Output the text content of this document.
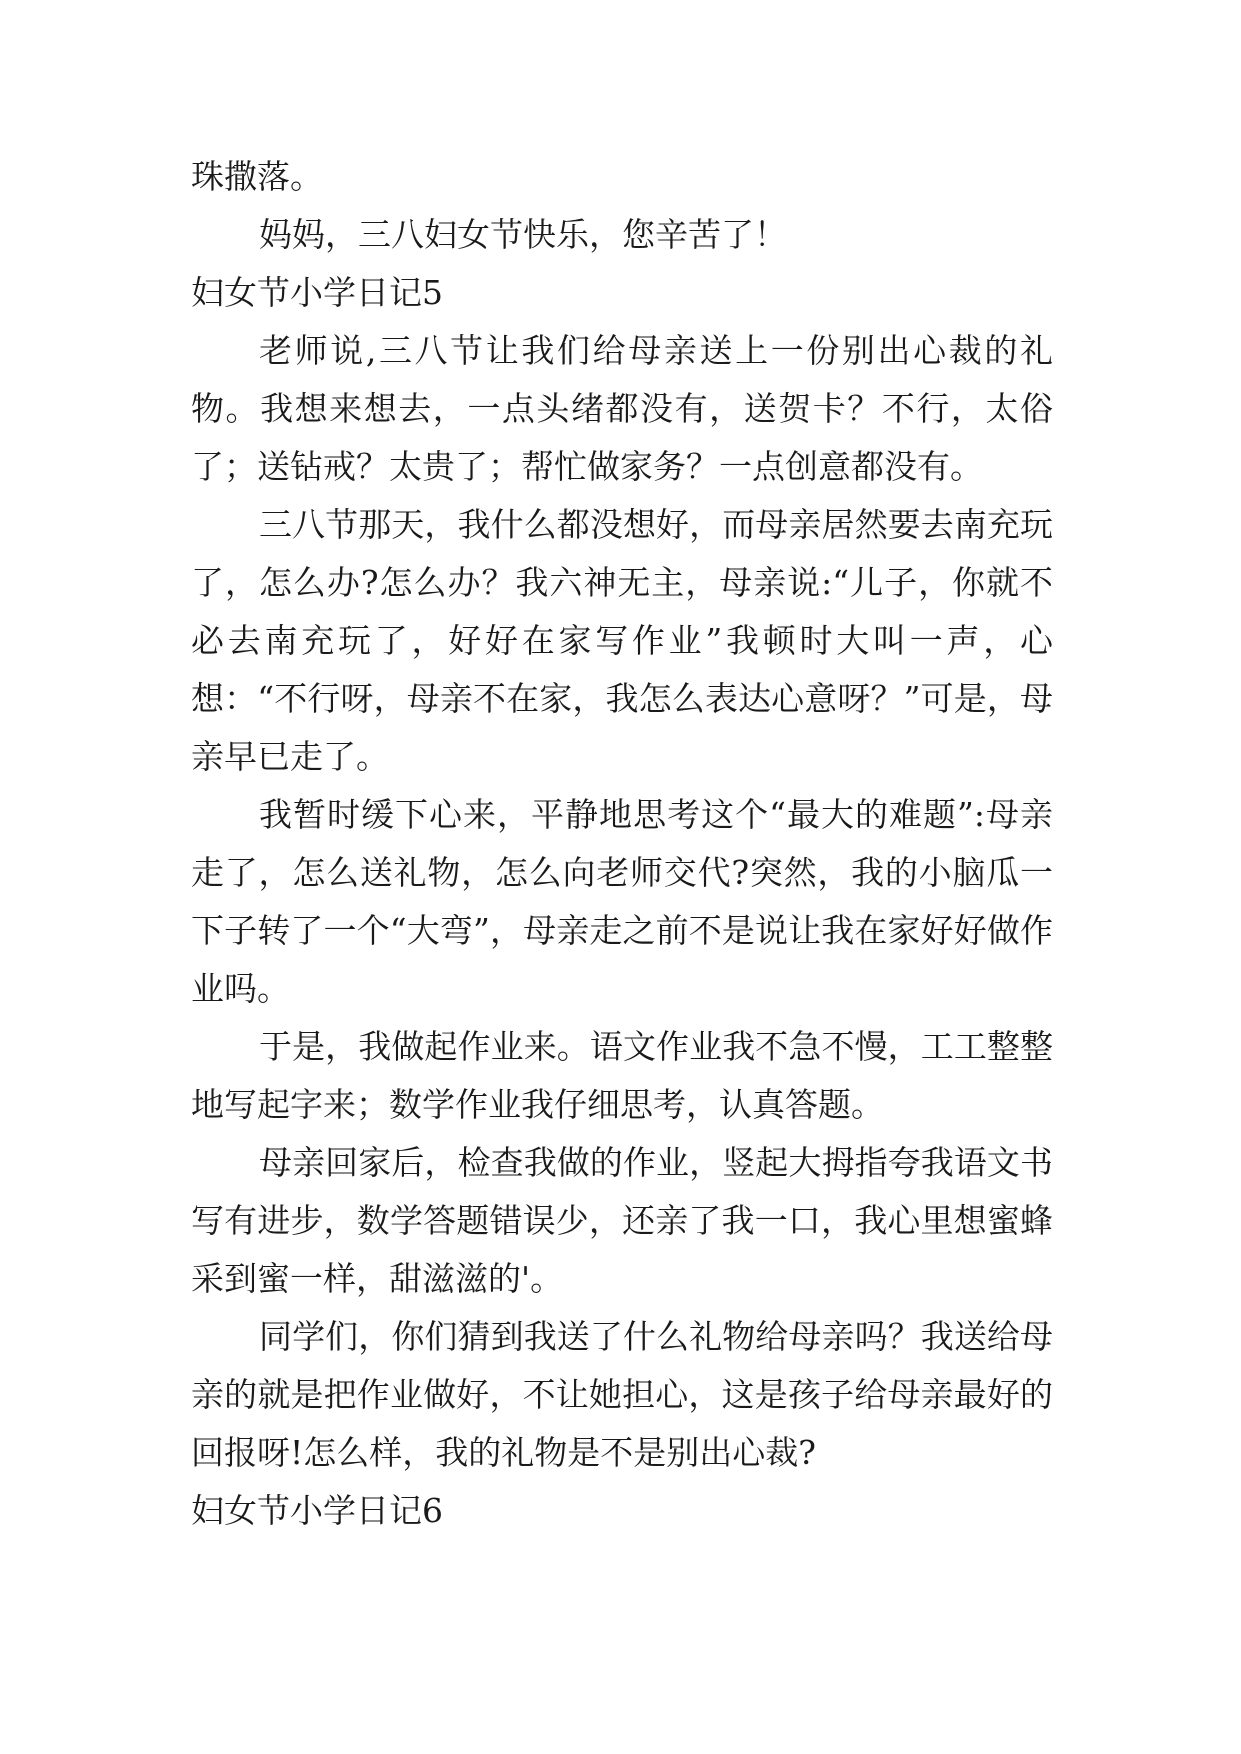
珠撒落。

妈妈，三八妇女节快乐，您辛苦了！

妇女节小学日记5

老师说,三八节让我们给母亲送上一份别出心裁的礼物。我想来想去，一点头绪都没有，送贺卡？不行，太俗了；送钻戒？太贵了；帮忙做家务？一点创意都没有。

三八节那天，我什么都没想好，而母亲居然要去南充玩了，怎么办?怎么办？我六神无主，母亲说:“儿子，你就不必去南充玩了，好好在家写作业”我顿时大叫一声，心想：“不行呀，母亲不在家，我怎么表达心意呀？”可是，母亲早已走了。

我暂时缓下心来，平静地思考这个“最大的难题”:母亲走了，怎么送礼物，怎么向老师交代?突然，我的小脑瓜一下子转了一个“大弯”，母亲走之前不是说让我在家好好做作业吗。

于是，我做起作业来。语文作业我不急不慢，工工整整地写起字来；数学作业我仔细思考，认真答题。

母亲回家后，检查我做的作业，竖起大拇指夸我语文书写有进步，数学答题错误少，还亲了我一口，我心里想蜜蜂采到蜜一样，甜滋滋的'。

同学们，你们猜到我送了什么礼物给母亲吗？我送给母亲的就是把作业做好，不让她担心，这是孩子给母亲最好的回报呀!怎么样，我的礼物是不是别出心裁?

妇女节小学日记6
